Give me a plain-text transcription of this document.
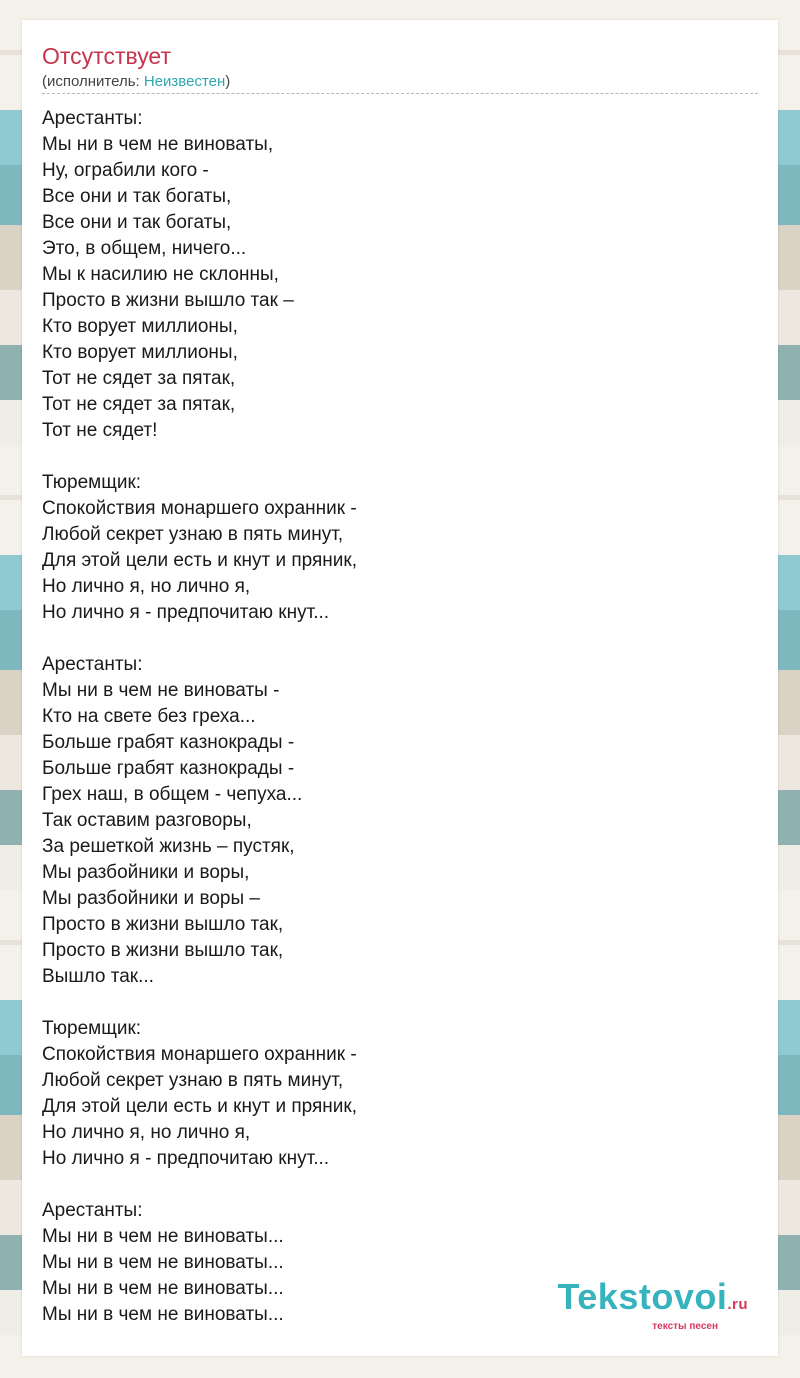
Отсутствует
(исполнитель: Неизвестен)

Арестанты:

Мы ни в чем не виноваты,

Ну, ограбили кого -

Все они и так богаты,

Все они и так богаты,

Это, в общем, ничего...

Мы к насилию не склонны,

Просто в жизни вышло так –

Кто ворует миллионы,

Кто ворует миллионы,

Тот не сядет за пятак,

Тот не сядет за пятак,

Тот не сядет!

Тюремщик:

Спокойствия монаршего охранник -

Любой секрет узнаю в пять минут,

Для этой цели есть и кнут и пряник,

Но лично я, но лично я,

Но лично я - предпочитаю кнут...

Арестанты:

Мы ни в чем не виноваты -

Кто на свете без греха...

Больше грабят казнокрады -

Больше грабят казнокрады -

Грех наш, в общем - чепуха...

Так оставим разговоры,

За решеткой жизнь – пустяк,

Мы разбойники и воры,

Мы разбойники и воры –

Просто в жизни вышло так,

Просто в жизни вышло так,

Вышло так...

Тюремщик:

Спокойствия монаршего охранник -

Любой секрет узнаю в пять минут,

Для этой цели есть и кнут и пряник,

Но лично я, но лично я,

Но лично я - предпочитаю кнут...

Арестанты:

Мы ни в чем не виноваты...

Мы ни в чем не виноваты...

Мы ни в чем не виноваты...

Мы ни в чем не виноваты...	Tekstovoi.ru
тексты песен
